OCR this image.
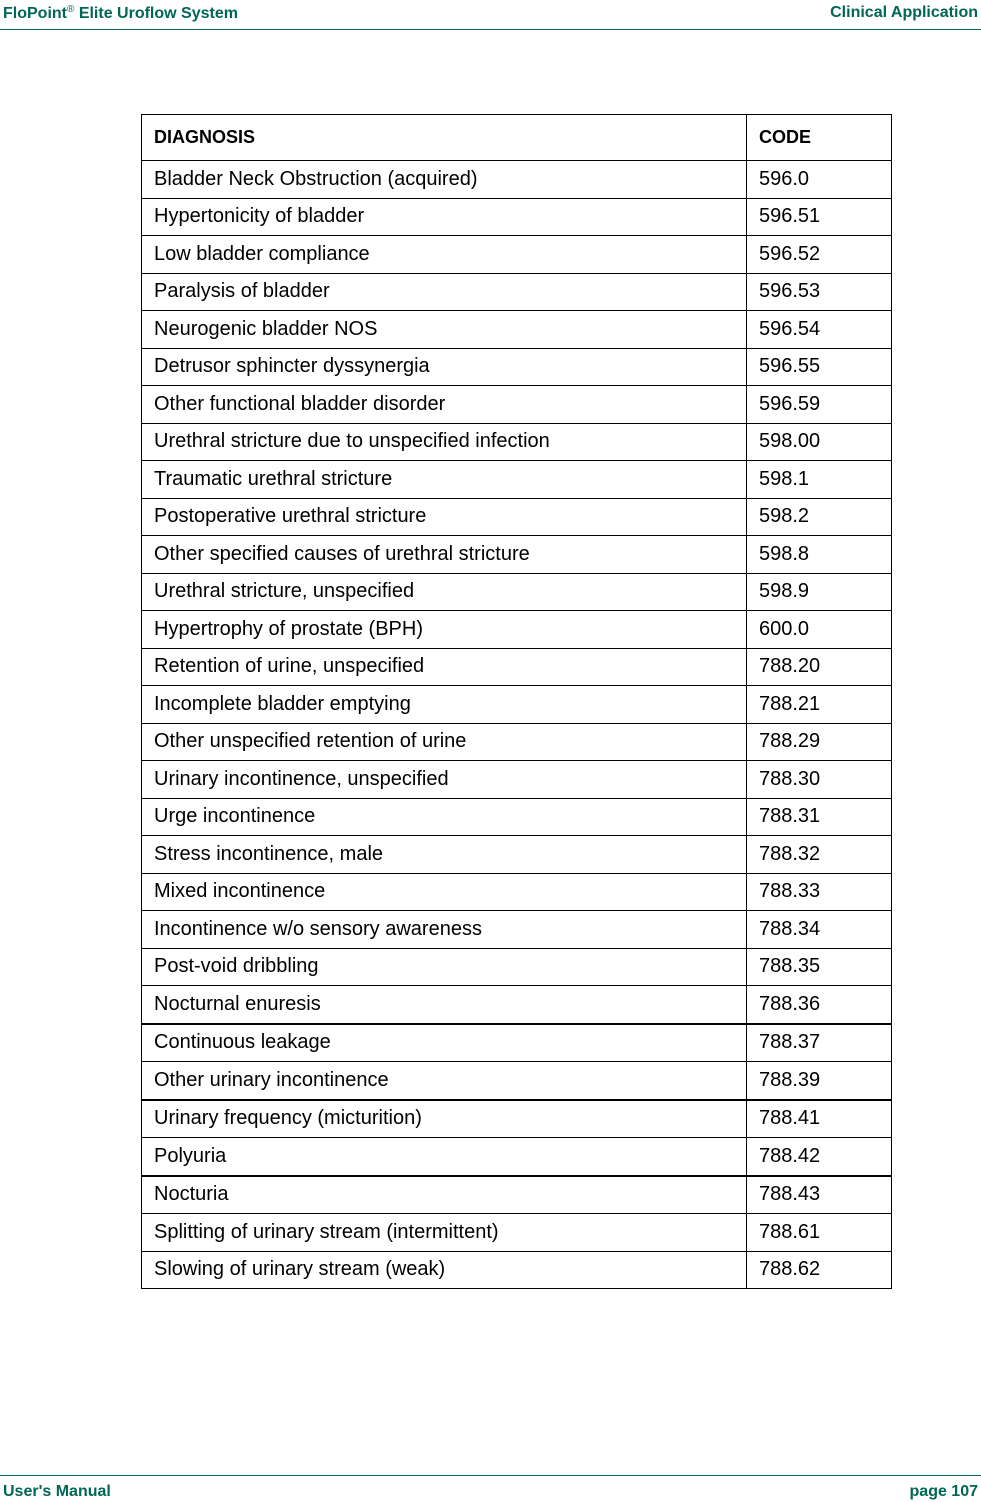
FloPoint® Elite Uroflow System	Clinical Application
DIAGNOSIS	CODE
Bladder Neck Obstruction (acquired)	596.0
Hypertonicity of bladder	596.51
Low bladder compliance	596.52
Paralysis of bladder	596.53
Neurogenic bladder NOS	596.54
Detrusor sphincter dyssynergia	596.55
Other functional bladder disorder	596.59
Urethral stricture due to unspecified infection	598.00
Traumatic urethral stricture	598.1
Postoperative urethral stricture	598.2
Other specified causes of urethral stricture	598.8
Urethral stricture, unspecified	598.9
Hypertrophy of prostate (BPH)	600.0
Retention of urine, unspecified	788.20
Incomplete bladder emptying	788.21
Other unspecified retention of urine	788.29
Urinary incontinence, unspecified	788.30
Urge incontinence	788.31
Stress incontinence, male	788.32
Mixed incontinence	788.33
Incontinence w/o sensory awareness	788.34
Post-void dribbling	788.35
Nocturnal enuresis	788.36
Continuous leakage	788.37
Other urinary incontinence	788.39
Urinary frequency (micturition)	788.41
Polyuria	788.42
Nocturia	788.43
Splitting of urinary stream (intermittent)	788.61
Slowing of urinary stream (weak)	788.62
User's Manual	page 107
